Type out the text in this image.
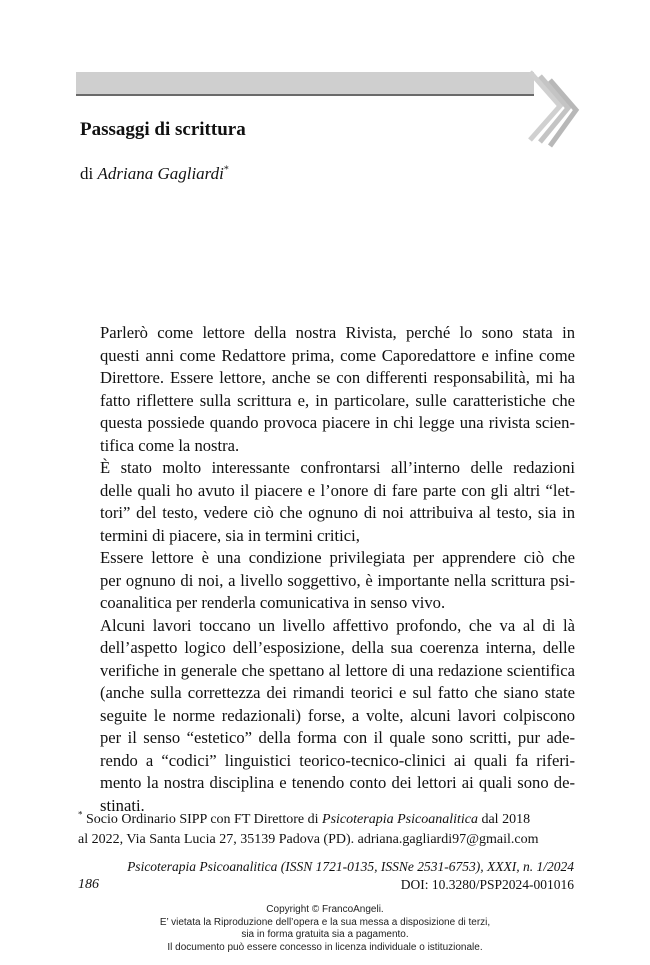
Passaggi di scrittura
di Adriana Gagliardi*

Parlerò come lettore della nostra Rivista, perché lo sono stata in
questi anni come Redattore prima, come Caporedattore e infine come
Direttore. Essere lettore, anche se con differenti responsabilità, mi ha
fatto riflettere sulla scrittura e, in particolare, sulle caratteristiche che
questa possiede quando provoca piacere in chi legge una rivista scien-
tifica come la nostra.

È stato molto interessante confrontarsi all’interno delle redazioni
delle quali ho avuto il piacere e l’onore di fare parte con gli altri “let-
tori” del testo, vedere ciò che ognuno di noi attribuiva al testo, sia in
termini di piacere, sia in termini critici,

Essere lettore è una condizione privilegiata per apprendere ciò che
per ognuno di noi, a livello soggettivo, è importante nella scrittura psi-
coanalitica per renderla comunicativa in senso vivo.

Alcuni lavori toccano un livello affettivo profondo, che va al di là
dell’aspetto logico dell’esposizione, della sua coerenza interna, delle
verifiche in generale che spettano al lettore di una redazione scientifica
(anche sulla correttezza dei rimandi teorici e sul fatto che siano state
seguite le norme redazionali) forse, a volte, alcuni lavori colpiscono
per il senso “estetico” della forma con il quale sono scritti, pur ade-
rendo a “codici” linguistici teorico-tecnico-clinici ai quali fa riferi-
mento la nostra disciplina e tenendo conto dei lettori ai quali sono de-
stinati.

* Socio Ordinario SIPP con FT Direttore di Psicoterapia Psicoanalitica dal 2018
al 2022, Via Santa Lucia 27, 35139 Padova (PD). adriana.gagliardi97@gmail.com
Psicoterapia Psicoanalitica (ISSN 1721-0135, ISSNe 2531-6753), XXXI, n. 1/2024
186	DOI: 10.3280/PSP2024-001016
Copyright © FrancoAngeli.
E’ vietata la Riproduzione dell’opera e la sua messa a disposizione di terzi,
sia in forma gratuita sia a pagamento.
Il documento può essere concesso in licenza individuale o istituzionale.
